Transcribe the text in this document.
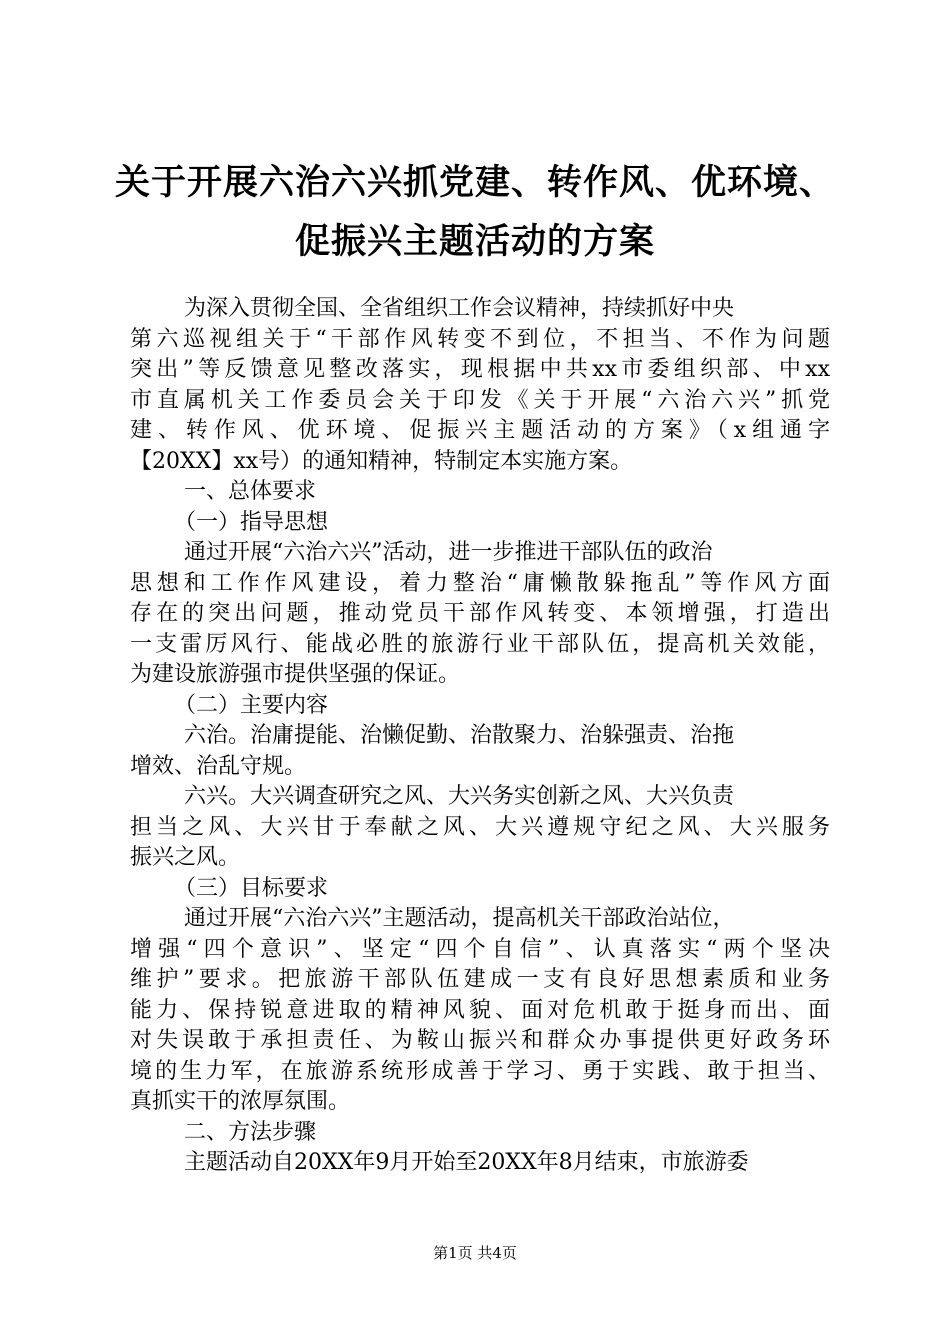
关于开展六治六兴抓党建、转作风、优环境、
促振兴主题活动的方案
为深入贯彻全国、全省组织工作会议精神，持续抓好中央
第六巡视组关于“干部作风转变不到位，不担当、不作为问题
突出”等反馈意见整改落实，现根据中共xx市委组织部、中xx
市直属机关工作委员会关于印发《关于开展“六治六兴”抓党
建、转作风、优环境、促振兴主题活动的方案》（x组通字
【20XX】xx号）的通知精神，特制定本实施方案。
一、总体要求
（一）指导思想
通过开展“六治六兴”活动，进一步推进干部队伍的政治
思想和工作作风建设，着力整治“庸懒散躲拖乱”等作风方面
存在的突出问题，推动党员干部作风转变、本领增强，打造出
一支雷厉风行、能战必胜的旅游行业干部队伍，提高机关效能，
为建设旅游强市提供坚强的保证。
（二）主要内容
六治。治庸提能、治懒促勤、治散聚力、治躲强责、治拖
增效、治乱守规。
六兴。大兴调查研究之风、大兴务实创新之风、大兴负责
担当之风、大兴甘于奉献之风、大兴遵规守纪之风、大兴服务
振兴之风。
（三）目标要求
通过开展“六治六兴”主题活动，提高机关干部政治站位，
增强“四个意识”、坚定“四个自信”、认真落实“两个坚决
维护”要求。把旅游干部队伍建成一支有良好思想素质和业务
能力、保持锐意进取的精神风貌、面对危机敢于挺身而出、面
对失误敢于承担责任、为鞍山振兴和群众办事提供更好政务环
境的生力军，在旅游系统形成善于学习、勇于实践、敢于担当、
真抓实干的浓厚氛围。
二、方法步骤
主题活动自20XX年9月开始至20XX年8月结束，市旅游委
第1页 共4页
